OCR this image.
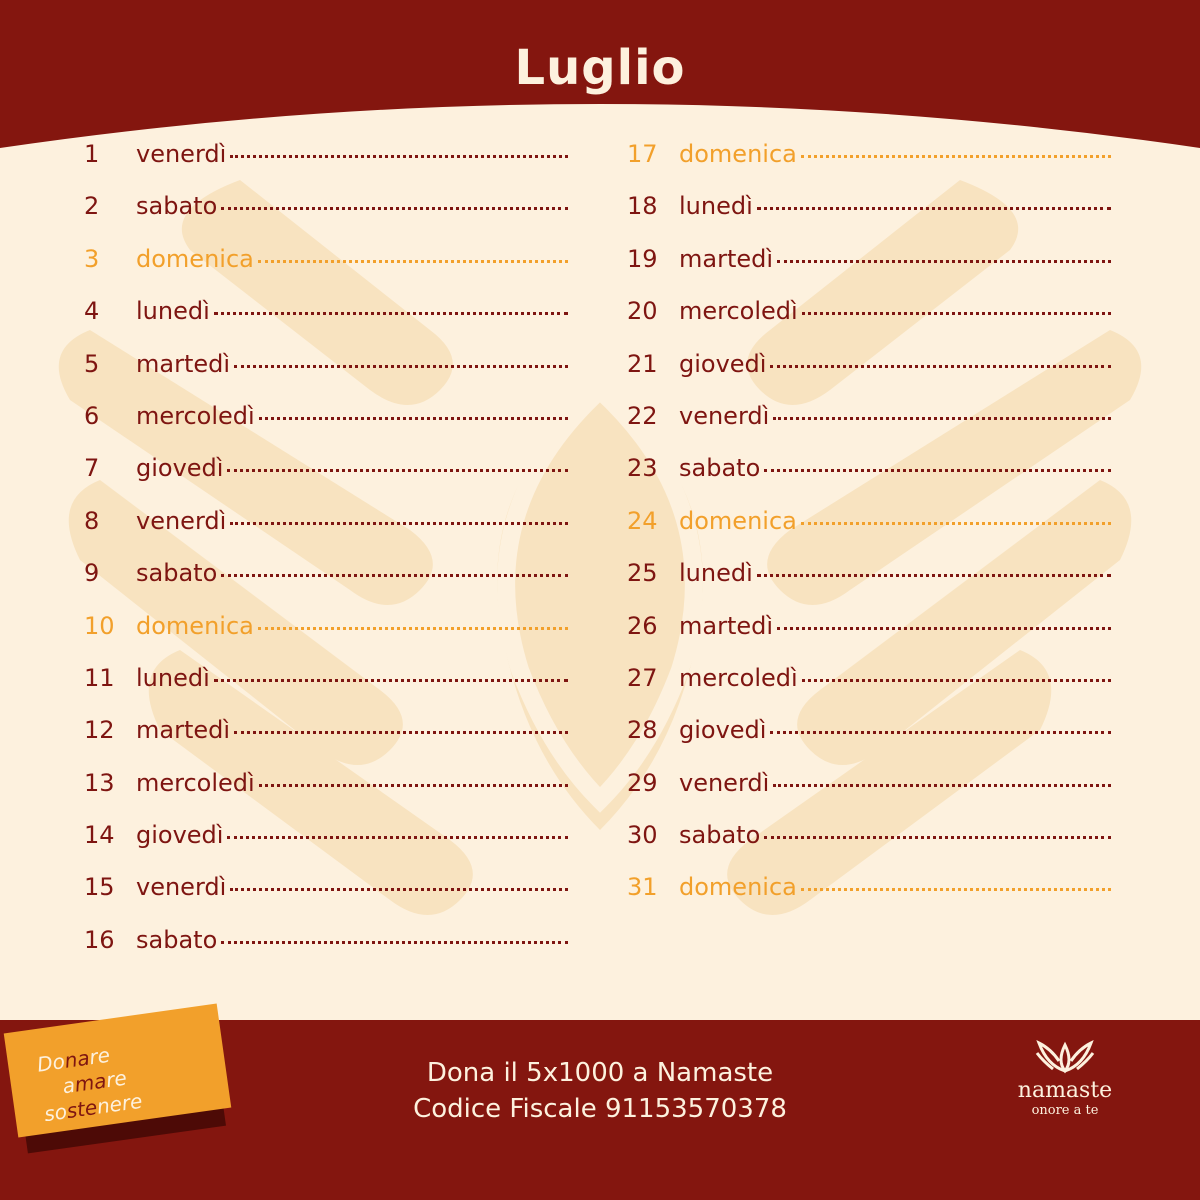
Luglio
1	venerdì
2	sabato
3	domenica
4	lunedì
5	martedì
6	mercoledì
7	giovedì
8	venerdì
9	sabato
10 domenica
11 lunedì
12 martedì
13 mercoledì
14 giovedì
15 venerdì
16 sabato
17 domenica
18 lunedì
19 martedì
20 mercoledì
21 giovedì
22 venerdì
23 sabato
24 domenica
25 lunedì
26 martedì
27 mercoledì
28 giovedì
29 venerdì
30 sabato
31 domenica
Donare
amare
sostenere
Dona il 5x1000 a Namaste
Codice Fiscale 91153570378
namaste
onore a te
